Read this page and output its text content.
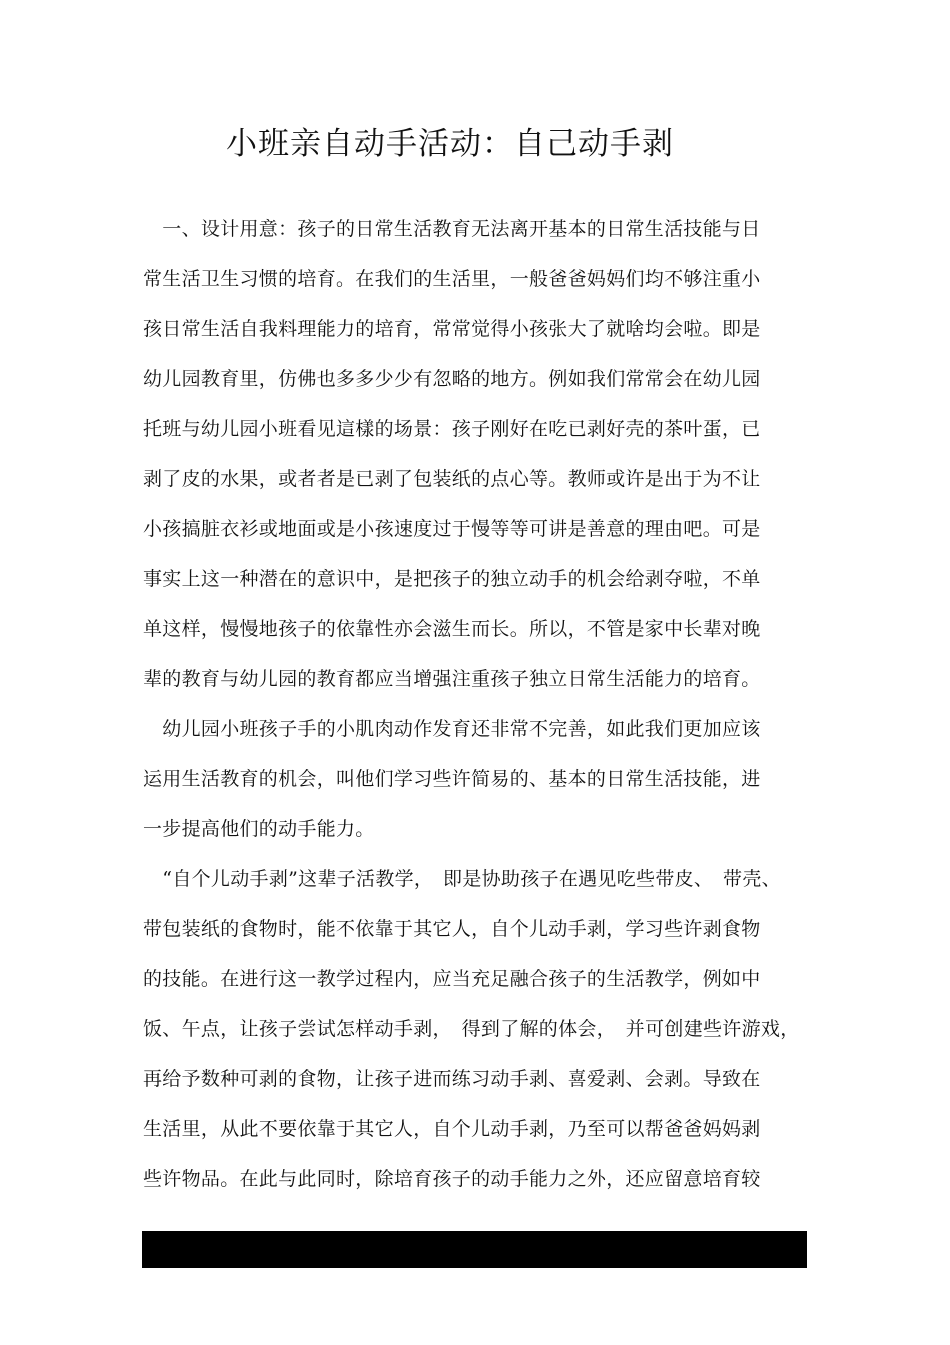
小班亲自动手活动：自己动手剥

　一、设计用意：孩子的日常生活教育无法离开基本的日常生活技能与日

常生活卫生习惯的培育。在我们的生活里，一般爸爸妈妈们均不够注重小

孩日常生活自我料理能力的培育，常常觉得小孩张大了就啥均会啦。即是

幼儿园教育里，仿佛也多多少少有忽略的地方。例如我们常常会在幼儿园

托班与幼儿园小班看见這樣的场景：孩子刚好在吃已剥好壳的茶叶蛋，已

剥了皮的水果，或者者是已剥了包装纸的点心等。教师或许是出于为不让

小孩搞脏衣衫或地面或是小孩速度过于慢等等可讲是善意的理由吧。可是

事实上这一种潜在的意识中，是把孩子的独立动手的机会给剥夺啦，不单

单这样，慢慢地孩子的依靠性亦会滋生而长。所以，不管是家中长辈对晚

辈的教育与幼儿园的教育都应当增强注重孩子独立日常生活能力的培育。

　幼儿园小班孩子手的小肌肉动作发育还非常不完善，如此我们更加应该

运用生活教育的机会，叫他们学习些许简易的、基本的日常生活技能，进

一步提高他们的动手能力。

　“自个儿动手剥”这辈子活教学，　即是协助孩子在遇见吃些带皮、　带壳、

带包装纸的食物时，能不依靠于其它人，自个儿动手剥，学习些许剥食物

的技能。在进行这一教学过程内，应当充足融合孩子的生活教学，例如中

饭、午点，让孩子尝试怎样动手剥，　得到了解的体会，　并可创建些许游戏，

再给予数种可剥的食物，让孩子进而练习动手剥、喜爱剥、会剥。导致在

生活里，从此不要依靠于其它人，自个儿动手剥，乃至可以帮爸爸妈妈剥

些许物品。在此与此同时，除培育孩子的动手能力之外，还应留意培育较
